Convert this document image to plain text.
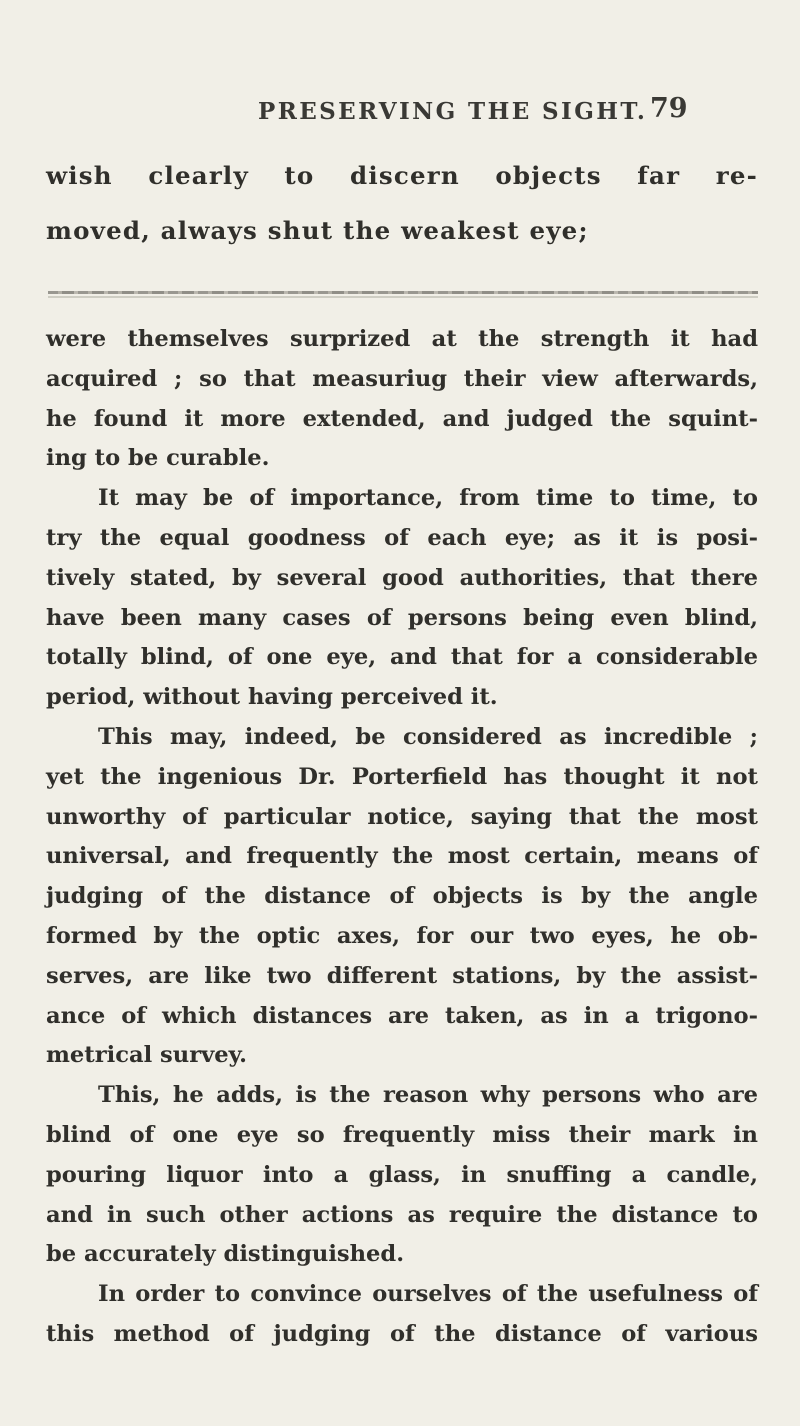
PRESERVING THE SIGHT. 79
wish clearly to discern objects far re-
moved, always shut the weakest eye;
were themselves surprized at the strength it had
acquired ; so that measuriug their view afterwards,
he found it more extended, and judged the squint-
ing to be curable.
It may be of importance, from time to time, to
try the equal goodness of each eye; as it is posi-
tively stated, by several good authorities, that there
have been many cases of persons being even blind,
totally blind, of one eye, and that for a considerable
period, without having perceived it.
This may, indeed, be considered as incredible ;
yet the ingenious Dr. Porterfield has thought it not
unworthy of particular notice, saying that the most
universal, and frequently the most certain, means of
judging of the distance of objects is by the angle
formed by the optic axes, for our two eyes, he ob-
serves, are like two different stations, by the assist-
ance of which distances are taken, as in a trigono-
metrical survey.
This, he adds, is the reason why persons who are
blind of one eye so frequently miss their mark in
pouring liquor into a glass, in snuffing a candle,
and in such other actions as require the distance to
be accurately distinguished.
In order to convince ourselves of the usefulness of
this method of judging of the distance of various
